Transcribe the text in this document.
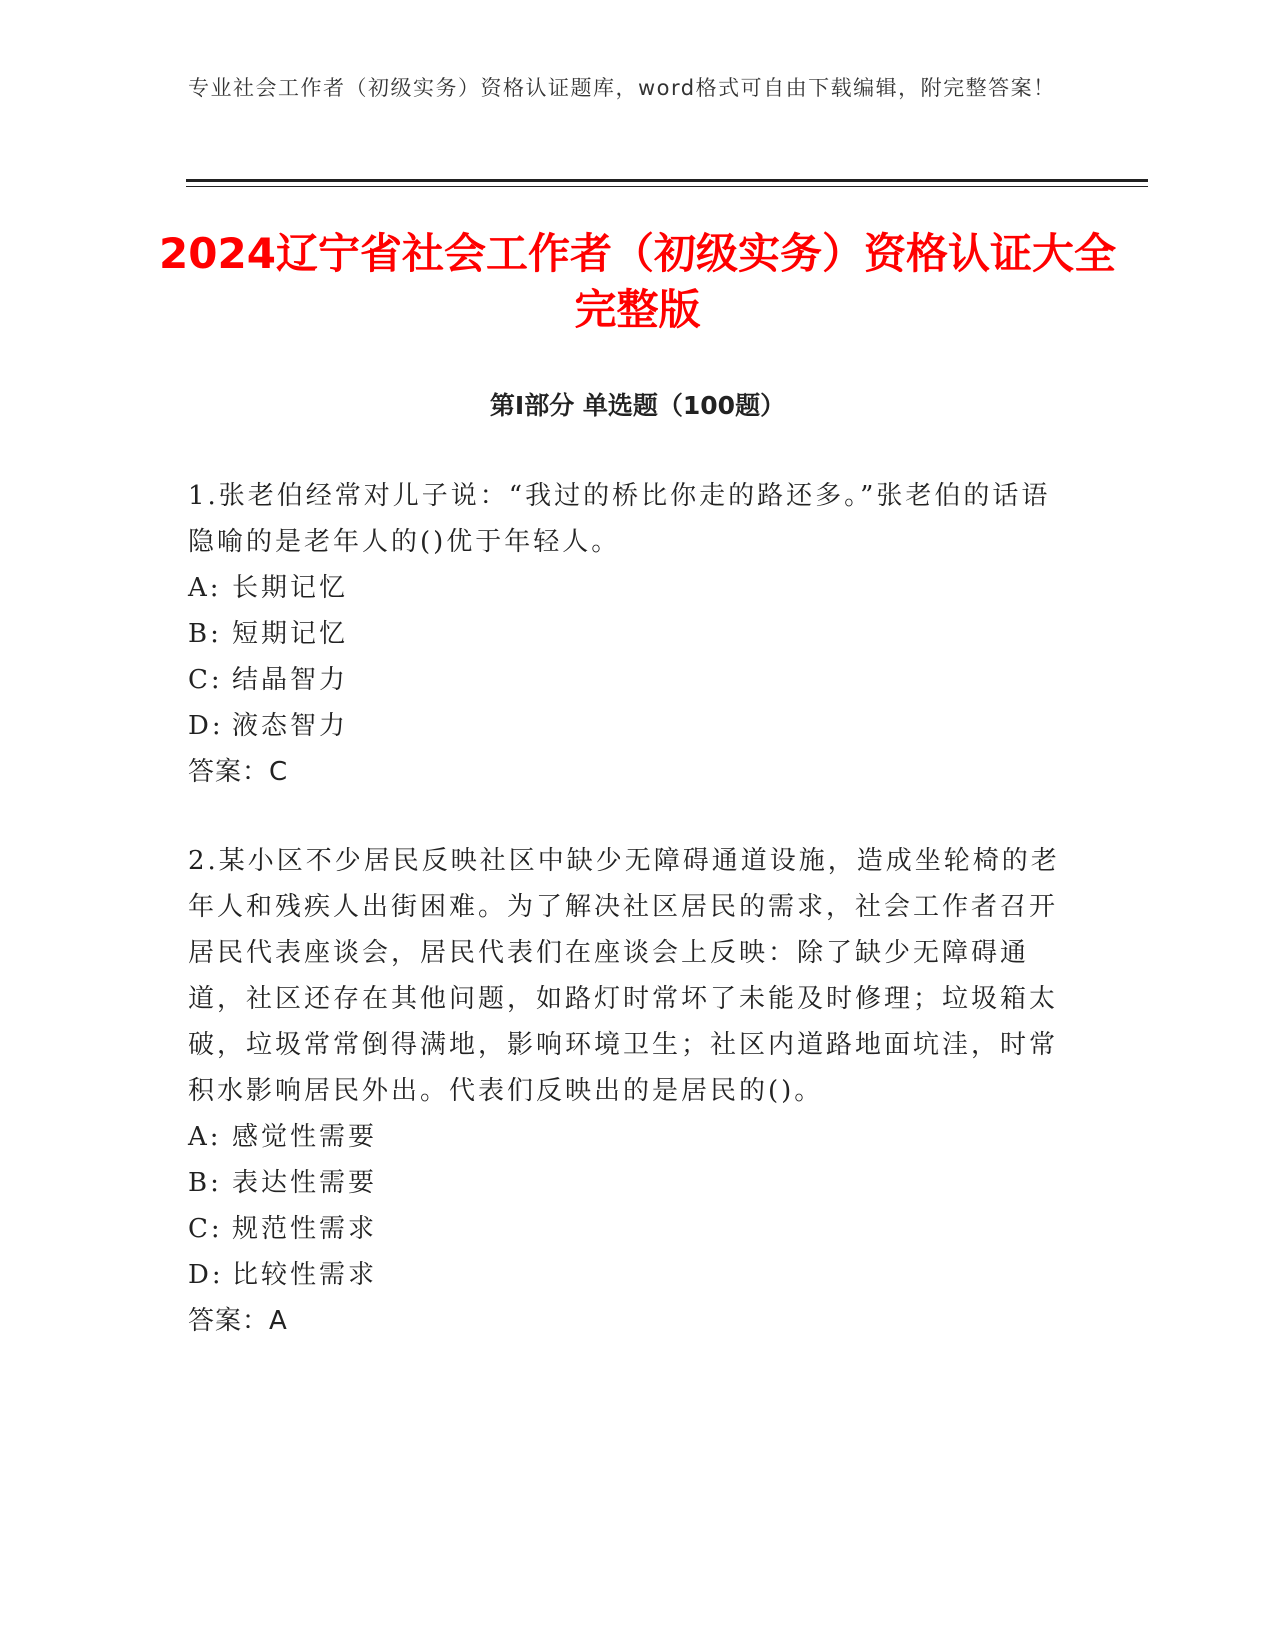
专业社会工作者（初级实务）资格认证题库，word格式可自由下载编辑，附完整答案！
2024辽宁省社会工作者（初级实务）资格认证大全完整版
第Ⅰ部分 单选题（100题）
1.张老伯经常对儿子说：“我过的桥比你走的路还多。”张老伯的话语隐喻的是老年人的()优于年轻人。
A: 长期记忆
B: 短期记忆
C: 结晶智力
D: 液态智力
答案：C
2.某小区不少居民反映社区中缺少无障碍通道设施，造成坐轮椅的老年人和残疾人出街困难。为了解决社区居民的需求，社会工作者召开居民代表座谈会，居民代表们在座谈会上反映：除了缺少无障碍通道，社区还存在其他问题，如路灯时常坏了未能及时修理；垃圾箱太破，垃圾常常倒得满地，影响环境卫生；社区内道路地面坑洼，时常积水影响居民外出。代表们反映出的是居民的()。
A: 感觉性需要
B: 表达性需要
C: 规范性需求
D: 比较性需求
答案：A
